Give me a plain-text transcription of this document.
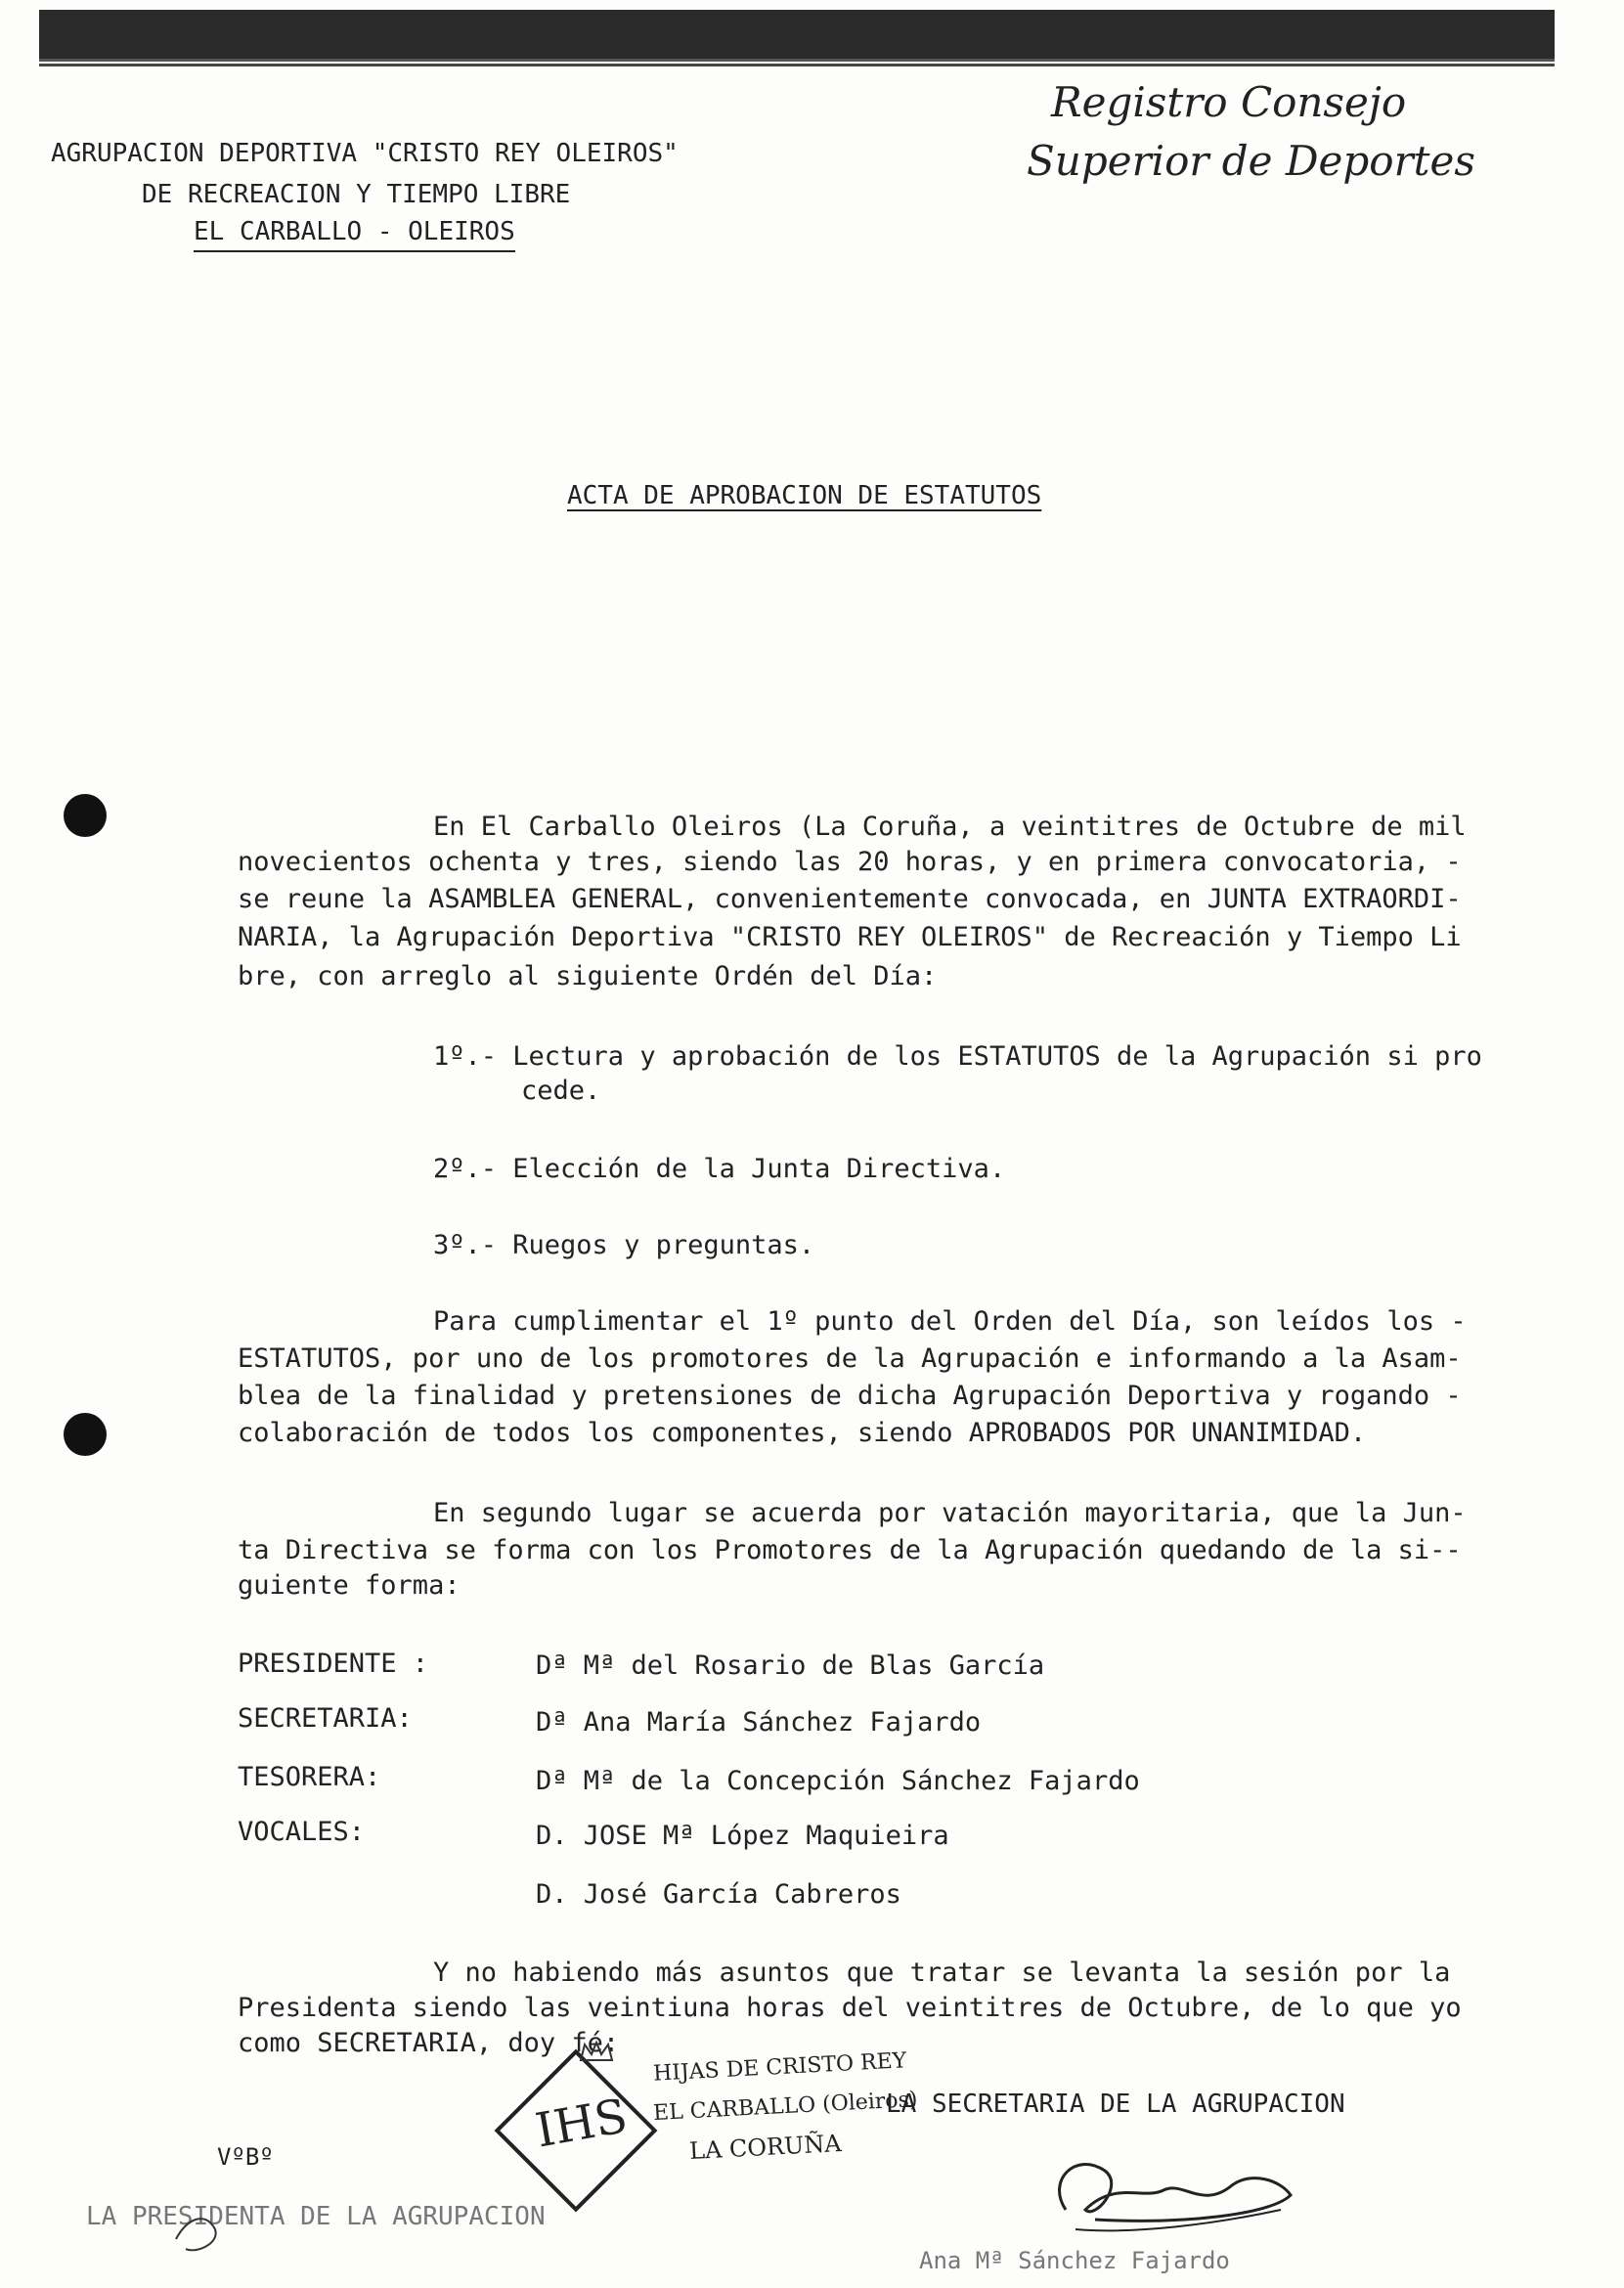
AGRUPACION DEPORTIVA "CRISTO REY OLEIROS"
DE RECREACION Y TIEMPO LIBRE
EL CARBALLO - OLEIROS
Registro Consejo
Superior de Deportes
ACTA DE APROBACION DE ESTATUTOS
En El Carballo Oleiros (La Coruña, a veintitres de Octubre de mil
novecientos ochenta y tres, siendo las 20 horas, y en primera convocatoria, -
se reune la ASAMBLEA GENERAL, convenientemente convocada, en JUNTA EXTRAORDI-
NARIA, la Agrupación Deportiva "CRISTO REY OLEIROS" de Recreación y Tiempo Li
bre, con arreglo al siguiente Ordén del Día:
1º.- Lectura y aprobación de los ESTATUTOS de la Agrupación si pro
cede.
2º.- Elección de la Junta Directiva.
3º.- Ruegos y preguntas.
Para cumplimentar el 1º punto del Orden del Día, son leídos los -
ESTATUTOS, por uno de los promotores de la Agrupación e informando a la Asam-
blea de la finalidad y pretensiones de dicha Agrupación Deportiva y rogando -
colaboración de todos los componentes, siendo APROBADOS POR UNANIMIDAD.
En segundo lugar se acuerda por vatación mayoritaria, que la Jun-
ta Directiva se forma con los Promotores de la Agrupación quedando de la si--
guiente forma:
PRESIDENTE :	Dª Mª del Rosario de Blas García
SECRETARIA:	Dª Ana María Sánchez Fajardo
TESORERA:	Dª Mª de la Concepción Sánchez Fajardo
VOCALES:	D. JOSE Mª López Maquieira
D. José García Cabreros
Y no habiendo más asuntos que tratar se levanta la sesión por la
Presidenta siendo las veintiuna horas del veintitres de Octubre, de lo que yo
como SECRETARIA, doy fé:
IHS
HIJAS DE CRISTO REY
EL CARBALLO (Oleiros)
LA CORUÑA
LA SECRETARIA DE LA AGRUPACION
VºBº
LA PRESIDENTA DE LA AGRUPACION
Ana Mª Sánchez Fajardo
